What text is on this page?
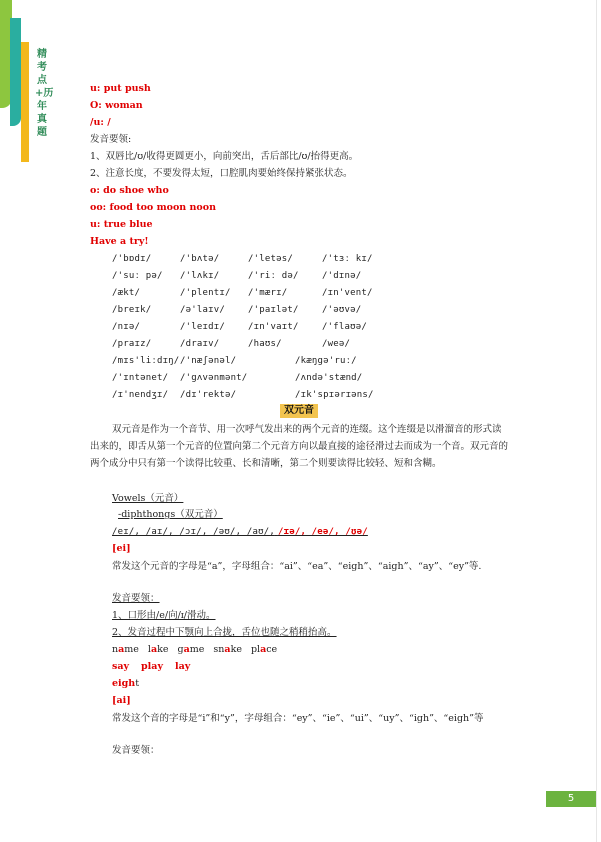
精考点+历年真题
u: put push
O: woman
/u: /
发音要领:
1、双唇比/ʊ/收得更圆更小，向前突出，舌后部比/ʊ/抬得更高。
2、注意长度，不要发得太短，口腔肌肉要始终保持紧张状态。
o: do shoe who
oo: food too moon noon
u: true blue
Have a try!
/'bɒdɪ/	/'bʌtə/	/'letəs/	/'tɜː kɪ/
/'suː pə/ /'lʌkɪ/	/'riː də/	/'dɪnə/
/ækt/	/'plentɪ/ /'mærɪ/	/ɪn'vent/
/breɪk/	/ə'laɪv/	/'paɪlət/	/'əʊvə/
/nɪə/	/'leɪdɪ/	/ɪn'vaɪt/	/'flaʊə/
/praɪz/	/draɪv/	/haʊs/	/weə/
/mɪs'liːdɪŋ/ /'næʃənəl/	/kæŋgə'ruː/
/'ɪntənet/ /'gʌvənmənt/	/ʌndə'stænd/
/ɪ'nendʒɪ/ /dɪ'rektə/	/ɪk'spɪərɪəns/
双元音
双元音是作为一个音节、用一次呼气发出来的两个元音的连缀。这个连缀是以滑溜音的形式读出来的，即舌从第一个元音的位置向第二个元音方向以最直接的途径滑过去而成为一个音。双元音的两个成分中只有第一个读得比较重、长和清晰，第二个则要读得比较轻、短和含糊。
Vowels（元音）
-diphthongs（双元音）
/eɪ/, /aɪ/, /ɔɪ/, /əʊ/, /aʊ/, /ɪə/, /eə/, /ʊə/
[ei]
常发这个元音的字母是“a”，字母组合：“ai”、“ea”、“eigh”、“aigh”、“ay”、“ey”等.
发音要领：
1、口形由/e/向/ɪ/滑动。
2、发音过程中下颚向上合拢，舌位也随之稍稍抬高。
name lake game snake place
say play lay
eight
[ai]
常发这个音的字母是“i”和“y”，字母组合：“ey”、“ie”、“ui”、“uy”、“igh”、“eigh”等
发音要领：
5
